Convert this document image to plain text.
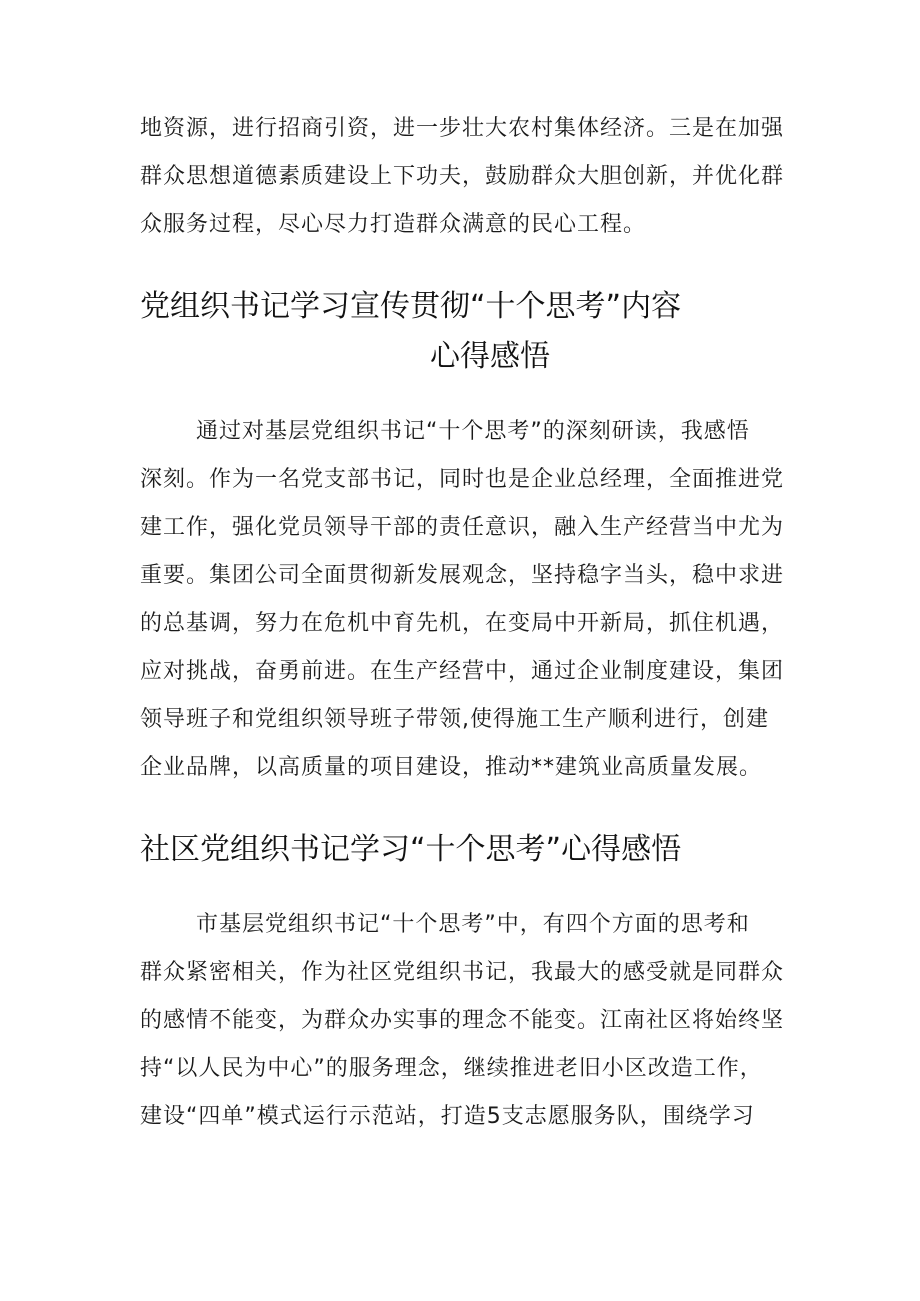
地资源，进行招商引资，进一步壮大农村集体经济。三是在加强
群众思想道德素质建设上下功夫，鼓励群众大胆创新，并优化群
众服务过程，尽心尽力打造群众满意的民心工程。
党组织书记学习宣传贯彻“十个思考”内容
心得感悟
通过对基层党组织书记“十个思考”的深刻研读，我感悟
深刻。作为一名党支部书记，同时也是企业总经理，全面推进党
建工作，强化党员领导干部的责任意识，融入生产经营当中尤为
重要。集团公司全面贯彻新发展观念，坚持稳字当头，稳中求进
的总基调，努力在危机中育先机，在变局中开新局，抓住机遇，
应对挑战，奋勇前进。在生产经营中，通过企业制度建设，集团
领导班子和党组织领导班子带领,使得施工生产顺利进行，创建
企业品牌，以高质量的项目建设，推动**建筑业高质量发展。
社区党组织书记学习“十个思考”心得感悟
市基层党组织书记“十个思考”中，有四个方面的思考和
群众紧密相关，作为社区党组织书记，我最大的感受就是同群众
的感情不能变，为群众办实事的理念不能变。江南社区将始终坚
持“以人民为中心”的服务理念，继续推进老旧小区改造工作，
建设“四单”模式运行示范站，打造5支志愿服务队，围绕学习
